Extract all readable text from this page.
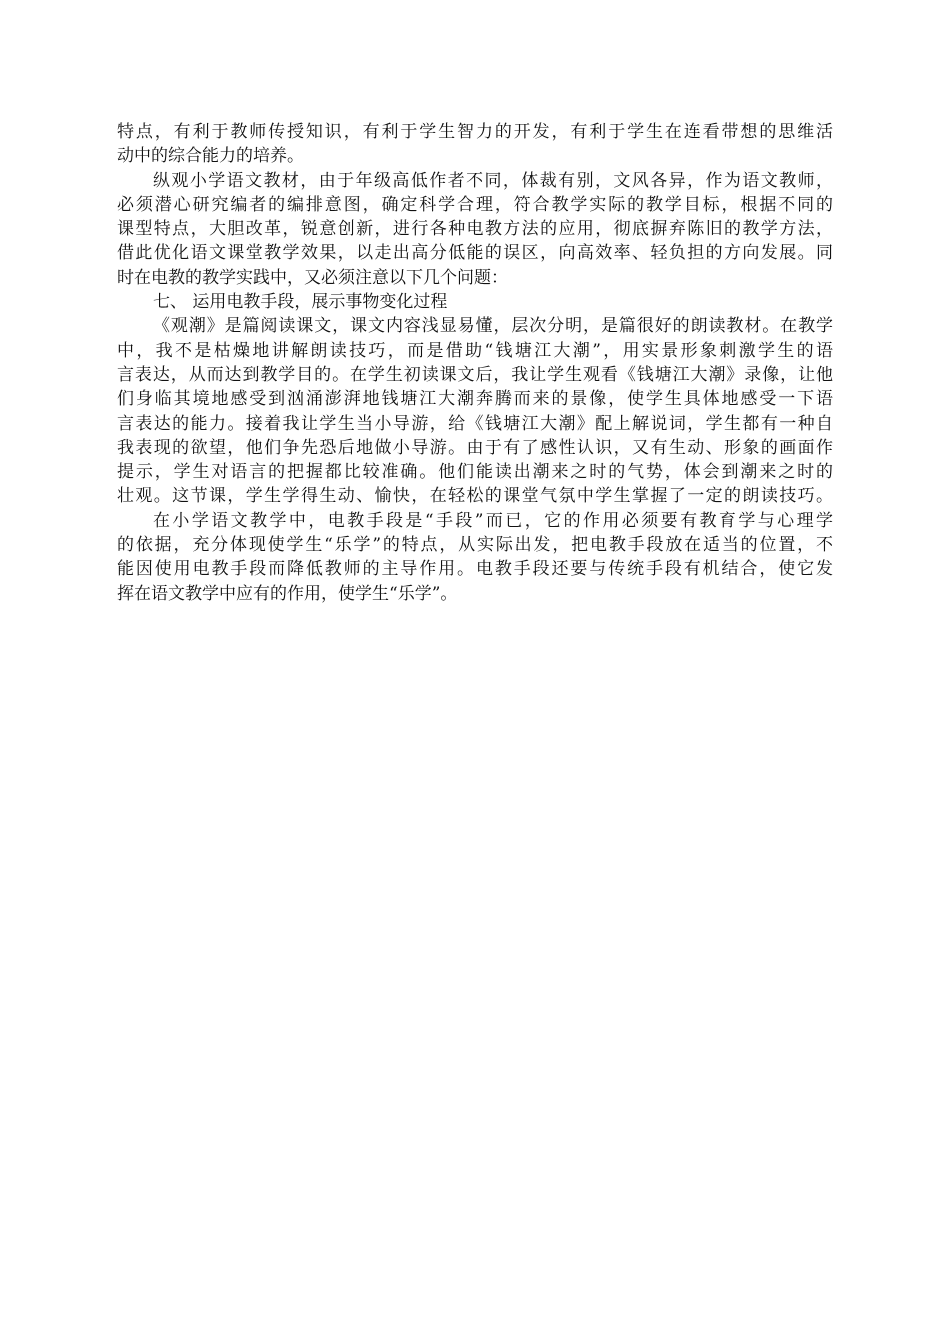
特点，有利于教师传授知识，有利于学生智力的开发，有利于学生在连看带想的思维活
动中的综合能力的培养。

纵观小学语文教材，由于年级高低作者不同，体裁有别，文风各异，作为语文教师，
必须潜心研究编者的编排意图，确定科学合理，符合教学实际的教学目标，根据不同的
课型特点，大胆改革，锐意创新，进行各种电教方法的应用，彻底摒弃陈旧的教学方法，
借此优化语文课堂教学效果，以走出高分低能的误区，向高效率、轻负担的方向发展。同
时在电教的教学实践中，又必须注意以下几个问题：

七、 运用电教手段，展示事物变化过程

《观潮》是篇阅读课文，课文内容浅显易懂，层次分明，是篇很好的朗读教材。在教学
中，我不是枯燥地讲解朗读技巧，而是借助“钱塘江大潮”，用实景形象刺激学生的语
言表达，从而达到教学目的。在学生初读课文后，我让学生观看《钱塘江大潮》录像，让他
们身临其境地感受到汹涌澎湃地钱塘江大潮奔腾而来的景像，使学生具体地感受一下语
言表达的能力。接着我让学生当小导游，给《钱塘江大潮》配上解说词，学生都有一种自
我表现的欲望，他们争先恐后地做小导游。由于有了感性认识，又有生动、形象的画面作
提示，学生对语言的把握都比较准确。他们能读出潮来之时的气势，体会到潮来之时的
壮观。这节课，学生学得生动、愉快，在轻松的课堂气氛中学生掌握了一定的朗读技巧。

在小学语文教学中，电教手段是“手段”而已，它的作用必须要有教育学与心理学
的依据，充分体现使学生“乐学”的特点，从实际出发，把电教手段放在适当的位置，不
能因使用电教手段而降低教师的主导作用。电教手段还要与传统手段有机结合，使它发
挥在语文教学中应有的作用，使学生“乐学”。
